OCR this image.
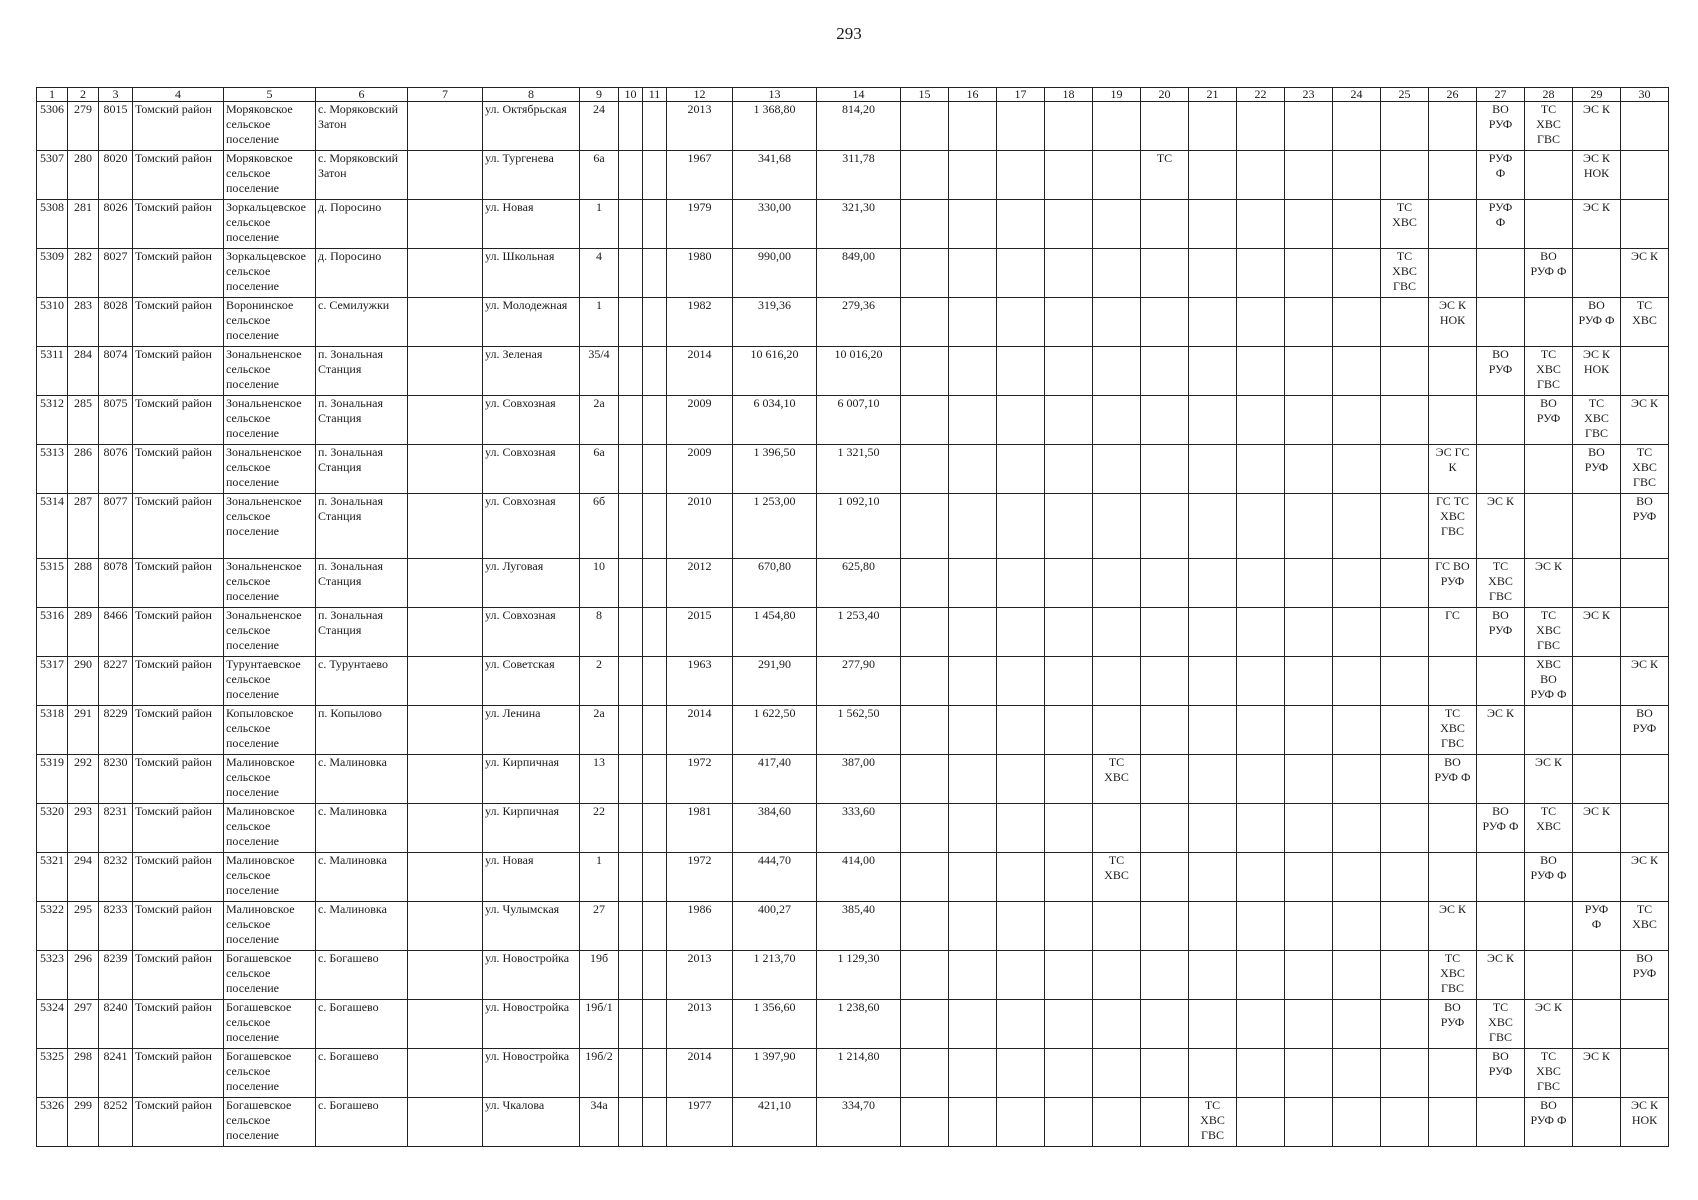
293
1	2	3	4	5	6	7	8	9	10	11	12	13	14	15	16	17	18	19	20	21	22	23	24	25	26	27	28	29	30
5306	279	8015	Томский район	Моряковское сельское поселение	с. Моряковский Затон		ул. Октябрьская	24			2013	1 368,80	814,20													ВО
РУФ	ТС
ХВС
ГВС	ЭС К	
5307	280	8020	Томский район	Моряковское сельское поселение	с. Моряковский Затон		ул. Тургенева	6а			1967	341,68	311,78						ТС							РУФ
Ф		ЭС К
НОК	
5308	281	8026	Томский район	Зоркальцевское сельское поселение	д. Поросино		ул. Новая	1			1979	330,00	321,30											ТС
ХВС		РУФ
Ф		ЭС К	
5309	282	8027	Томский район	Зоркальцевское сельское поселение	д. Поросино		ул. Школьная	4			1980	990,00	849,00											ТС
ХВС
ГВС			ВО
РУФ Ф		ЭС К
5310	283	8028	Томский район	Воронинское сельское поселение	с. Семилужки		ул. Молодежная	1			1982	319,36	279,36												ЭС К
НОК			ВО
РУФ Ф	ТС
ХВС
5311	284	8074	Томский район	Зональненское сельское поселение	п. Зональная Станция		ул. Зеленая	35/4			2014	10 616,20	10 016,20													ВО
РУФ	ТС
ХВС
ГВС	ЭС К
НОК	
5312	285	8075	Томский район	Зональненское сельское поселение	п. Зональная Станция		ул. Совхозная	2а			2009	6 034,10	6 007,10														ВО
РУФ	ТС
ХВС
ГВС	ЭС К
5313	286	8076	Томский район	Зональненское сельское поселение	п. Зональная Станция		ул. Совхозная	6а			2009	1 396,50	1 321,50												ЭС ГС
К			ВО
РУФ	ТС
ХВС
ГВС
5314	287	8077	Томский район	Зональненское сельское поселение	п. Зональная Станция		ул. Совхозная	6б			2010	1 253,00	1 092,10												ГС ТС
ХВС
ГВС	ЭС К			ВО
РУФ
5315	288	8078	Томский район	Зональненское сельское поселение	п. Зональная Станция		ул. Луговая	10			2012	670,80	625,80												ГС ВО
РУФ	ТС
ХВС
ГВС	ЭС К		
5316	289	8466	Томский район	Зональненское сельское поселение	п. Зональная Станция		ул. Совхозная	8			2015	1 454,80	1 253,40												ГС	ВО
РУФ	ТС
ХВС
ГВС	ЭС К	
5317	290	8227	Томский район	Турунтаевское сельское поселение	с. Турунтаево		ул. Советская	2			1963	291,90	277,90														ХВС
ВО
РУФ Ф		ЭС К
5318	291	8229	Томский район	Копыловское сельское поселение	п. Копылово		ул. Ленина	2а			2014	1 622,50	1 562,50												ТС
ХВС
ГВС	ЭС К			ВО
РУФ
5319	292	8230	Томский район	Малиновское сельское поселение	с. Малиновка		ул. Кирпичная	13			1972	417,40	387,00					ТС
ХВС							ВО
РУФ Ф		ЭС К		
5320	293	8231	Томский район	Малиновское сельское поселение	с. Малиновка		ул. Кирпичная	22			1981	384,60	333,60													ВО
РУФ Ф	ТС
ХВС	ЭС К	
5321	294	8232	Томский район	Малиновское сельское поселение	с. Малиновка		ул. Новая	1			1972	444,70	414,00					ТС
ХВС									ВО
РУФ Ф		ЭС К
5322	295	8233	Томский район	Малиновское сельское поселение	с. Малиновка		ул. Чулымская	27			1986	400,27	385,40												ЭС К			РУФ
Ф	ТС
ХВС
5323	296	8239	Томский район	Богашевское сельское поселение	с. Богашево		ул. Новостройка	19б			2013	1 213,70	1 129,30												ТС
ХВС
ГВС	ЭС К			ВО
РУФ
5324	297	8240	Томский район	Богашевское сельское поселение	с. Богашево		ул. Новостройка	19б/1			2013	1 356,60	1 238,60												ВО
РУФ	ТС
ХВС
ГВС	ЭС К		
5325	298	8241	Томский район	Богашевское сельское поселение	с. Богашево		ул. Новостройка	19б/2			2014	1 397,90	1 214,80													ВО
РУФ	ТС
ХВС
ГВС	ЭС К	
5326	299	8252	Томский район	Богашевское сельское поселение	с. Богашево		ул. Чкалова	34а			1977	421,10	334,70							ТС
ХВС
ГВС							ВО
РУФ Ф		ЭС К
НОК
